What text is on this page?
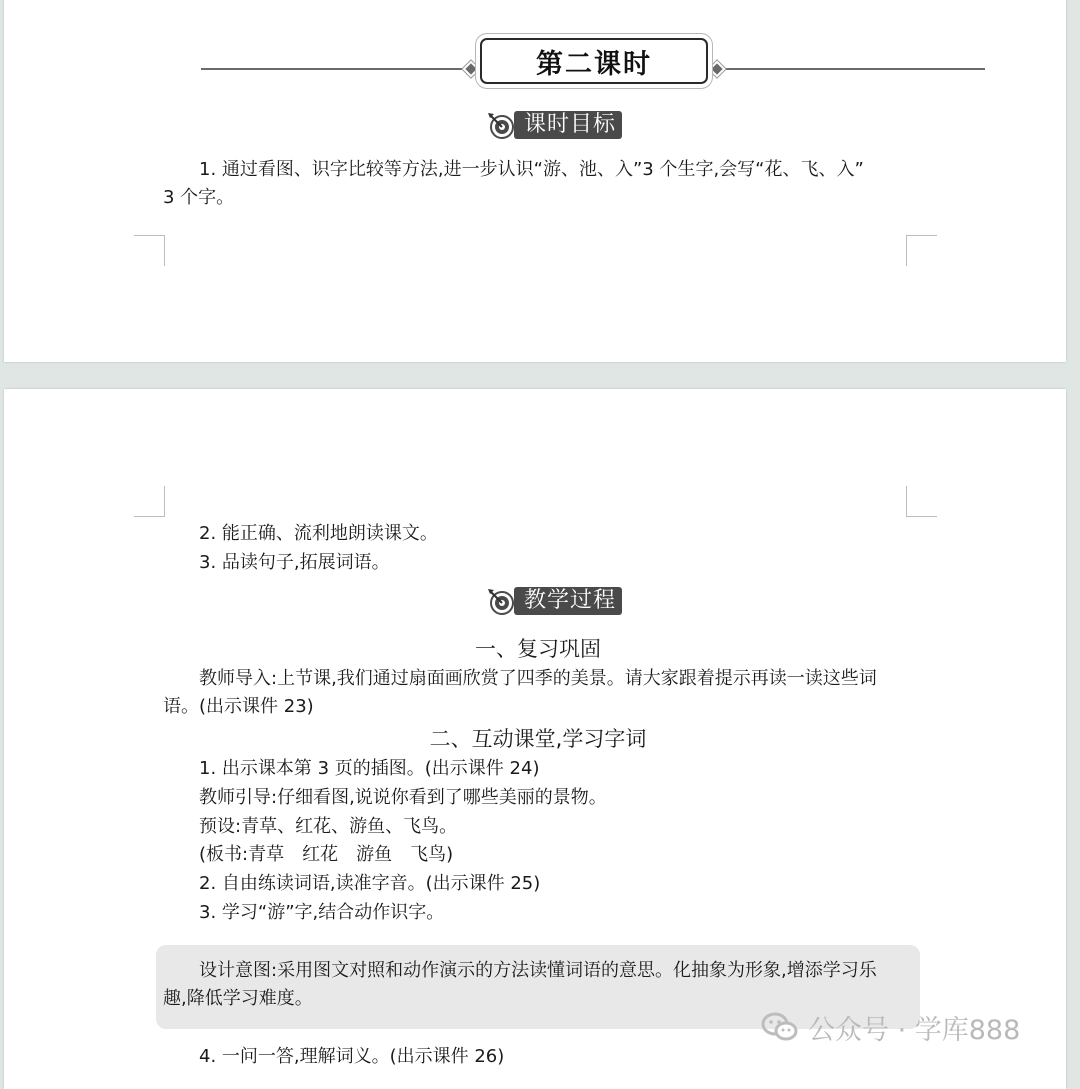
第二课时
课时目标
1. 通过看图、识字比较等方法,进一步认识“游、池、入”3 个生字,会写“花、飞、入”
3 个字。
2. 能正确、流利地朗读课文。
3. 品读句子,拓展词语。
教学过程
一、复习巩固
教师导入:上节课,我们通过扇面画欣赏了四季的美景。请大家跟着提示再读一读这些词
语。(出示课件 23)
二、互动课堂,学习字词
1. 出示课本第 3 页的插图。(出示课件 24)
教师引导:仔细看图,说说你看到了哪些美丽的景物。
预设:青草、红花、游鱼、飞鸟。
(板书:青草　红花　游鱼　飞鸟)
2. 自由练读词语,读准字音。(出示课件 25)
3. 学习“游”字,结合动作识字。
设计意图:采用图文对照和动作演示的方法读懂词语的意思。化抽象为形象,增添学习乐
趣,降低学习难度。
4. 一问一答,理解词义。(出示课件 26)
公众号 · 学库888
